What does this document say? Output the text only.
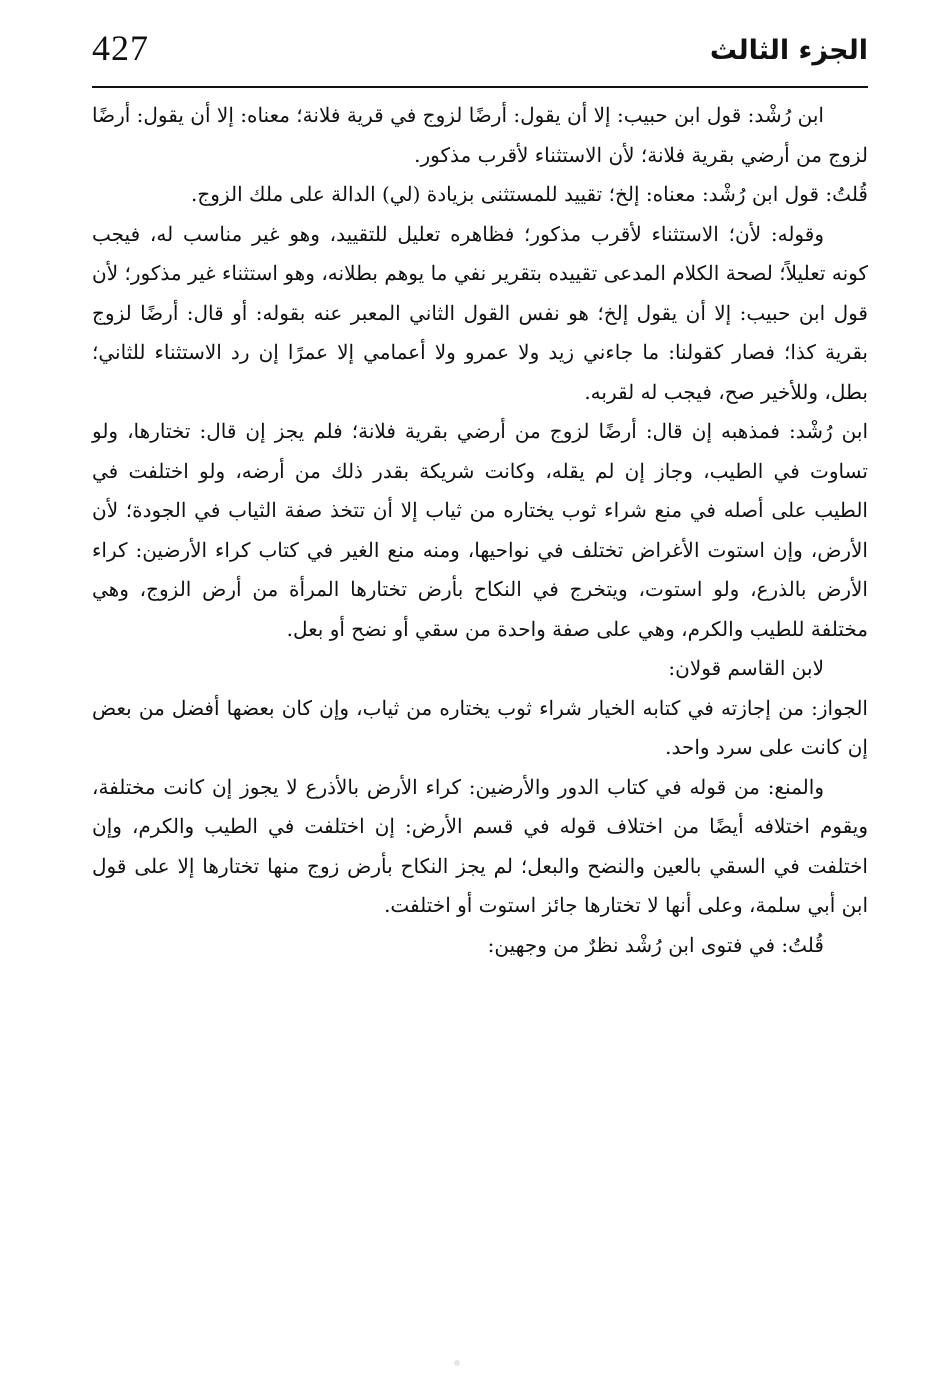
427	الجزء الثالث

ابن رُشْد: قول ابن حبيب: إلا أن يقول: أرضًا لزوج في قرية فلانة؛ معناه: إلا أن يقول: أرضًا لزوج من أرضي بقرية فلانة؛ لأن الاستثناء لأقرب مذكور.

قُلتُ: قول ابن رُشْد: معناه: إلخ؛ تقييد للمستثنى بزيادة (لي) الدالة على ملك الزوج.

وقوله: لأن؛ الاستثناء لأقرب مذكور؛ فظاهره تعليل للتقييد، وهو غير مناسب له، فيجب كونه تعليلاً؛ لصحة الكلام المدعى تقييده بتقرير نفي ما يوهم بطلانه، وهو استثناء غير مذكور؛ لأن قول ابن حبيب: إلا أن يقول إلخ؛ هو نفس القول الثاني المعبر عنه بقوله: أو قال: أرضًا لزوج بقرية كذا؛ فصار كقولنا: ما جاءني زيد ولا عمرو ولا أعمامي إلا عمرًا إن رد الاستثناء للثاني؛ بطل، وللأخير صح، فيجب له لقربه.

ابن رُشْد: فمذهبه إن قال: أرضًا لزوج من أرضي بقرية فلانة؛ فلم يجز إن قال: تختارها، ولو تساوت في الطيب، وجاز إن لم يقله، وكانت شريكة بقدر ذلك من أرضه، ولو اختلفت في الطيب على أصله في منع شراء ثوب يختاره من ثياب إلا أن تتخذ صفة الثياب في الجودة؛ لأن الأرض، وإن استوت الأغراض تختلف في نواحيها، ومنه منع الغير في كتاب كراء الأرضين: كراء الأرض بالذرع، ولو استوت، ويتخرج في النكاح بأرض تختارها المرأة من أرض الزوج، وهي مختلفة للطيب والكرم، وهي على صفة واحدة من سقي أو نضح أو بعل.

لابن القاسم قولان:

الجواز: من إجازته في كتابه الخيار شراء ثوب يختاره من ثياب، وإن كان بعضها أفضل من بعض إن كانت على سرد واحد.

والمنع: من قوله في كتاب الدور والأرضين: كراء الأرض بالأذرع لا يجوز إن كانت مختلفة، ويقوم اختلافه أيضًا من اختلاف قوله في قسم الأرض: إن اختلفت في الطيب والكرم، وإن اختلفت في السقي بالعين والنضح والبعل؛ لم يجز النكاح بأرض زوج منها تختارها إلا على قول ابن أبي سلمة، وعلى أنها لا تختارها جائز استوت أو اختلفت.

قُلتُ: في فتوى ابن رُشْد نظرٌ من وجهين:
